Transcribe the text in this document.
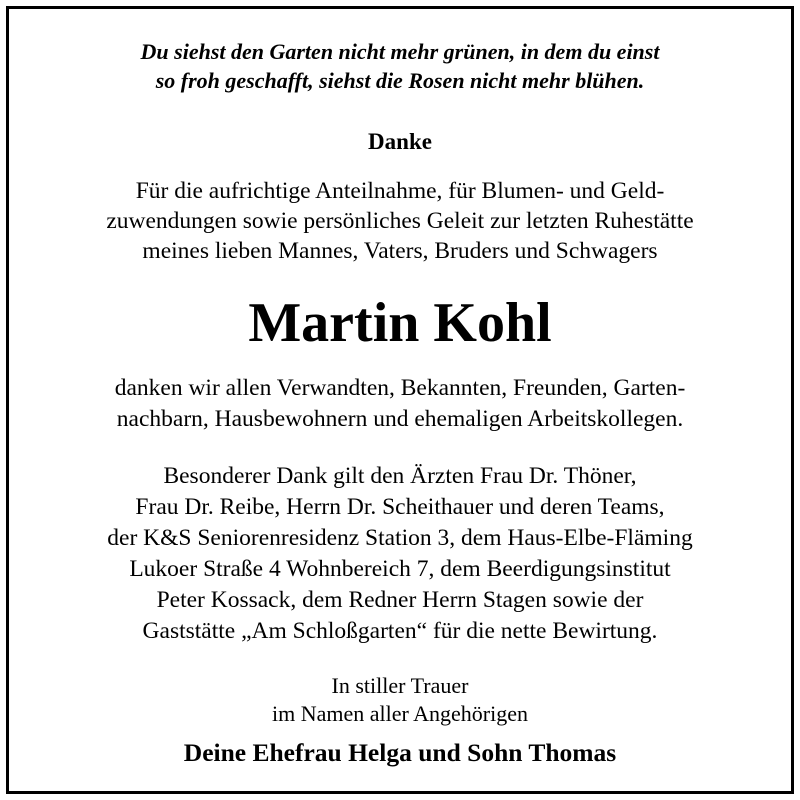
Du siehst den Garten nicht mehr grünen, in dem du einst

so froh geschafft, siehst die Rosen nicht mehr blühen.

Danke

Für die aufrichtige Anteilnahme, für Blumen- und Geld-

zuwendungen sowie persönliches Geleit zur letzten Ruhestätte

meines lieben Mannes, Vaters, Bruders und Schwagers

Martin Kohl

danken wir allen Verwandten, Bekannten, Freunden, Garten-

nachbarn, Hausbewohnern und ehemaligen Arbeitskollegen.

Besonderer Dank gilt den Ärzten Frau Dr. Thöner,

Frau Dr. Reibe, Herrn Dr. Scheithauer und deren Teams,

der K&S Seniorenresidenz Station 3, dem Haus-Elbe-Fläming

Lukoer Straße 4 Wohnbereich 7, dem Beerdigungsinstitut

Peter Kossack, dem Redner Herrn Stagen sowie der

Gaststätte „Am Schloßgarten“ für die nette Bewirtung.

In stiller Trauer

im Namen aller Angehörigen

Deine Ehefrau Helga und Sohn Thomas
